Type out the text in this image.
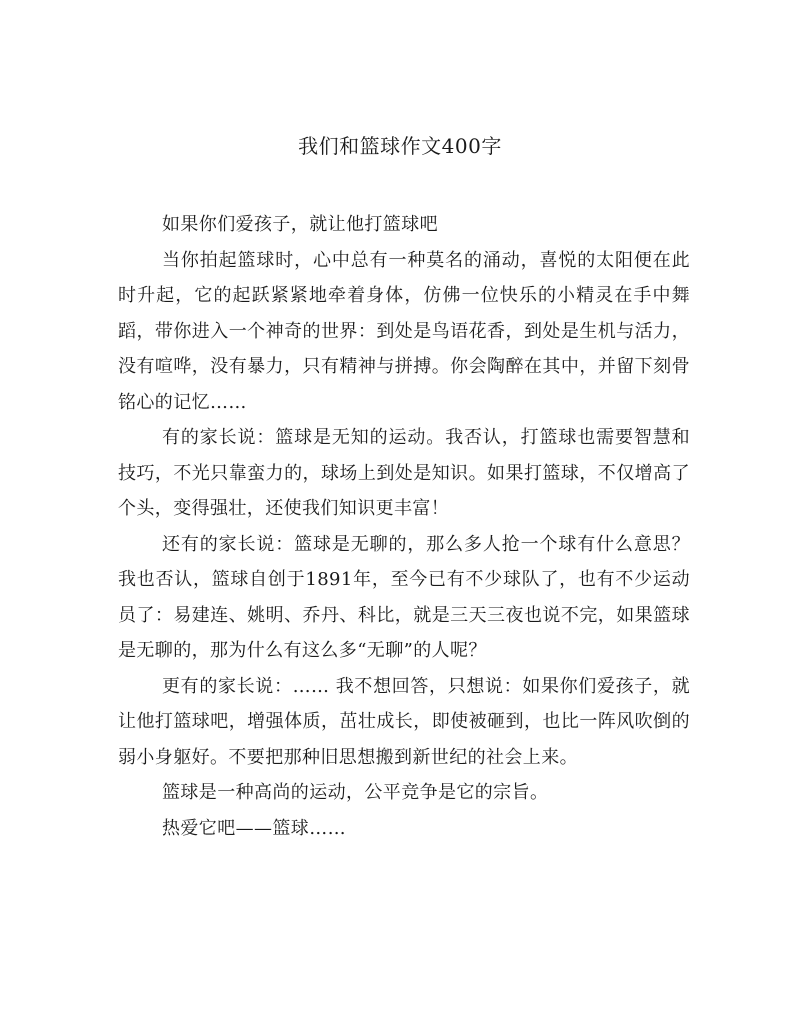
我们和篮球作文400字

如果你们爱孩子，就让他打篮球吧

当你拍起篮球时，心中总有一种莫名的涌动，喜悦的太阳便在此时升起，它的起跃紧紧地牵着身体，仿佛一位快乐的小精灵在手中舞蹈，带你进入一个神奇的世界：到处是鸟语花香，到处是生机与活力，没有喧哗，没有暴力，只有精神与拼搏。你会陶醉在其中，并留下刻骨铭心的记忆……

有的家长说：篮球是无知的运动。我否认，打篮球也需要智慧和技巧，不光只靠蛮力的，球场上到处是知识。如果打篮球，不仅增高了个头，变得强壮，还使我们知识更丰富！

还有的家长说：篮球是无聊的，那么多人抢一个球有什么意思？我也否认，篮球自创于1891年，至今已有不少球队了，也有不少运动员了：易建连、姚明、乔丹、科比，就是三天三夜也说不完，如果篮球是无聊的，那为什么有这么多“无聊”的人呢？

更有的家长说：…… 我不想回答，只想说：如果你们爱孩子，就让他打篮球吧，增强体质，茁壮成长，即使被砸到，也比一阵风吹倒的弱小身躯好。不要把那种旧思想搬到新世纪的社会上来。

篮球是一种高尚的运动，公平竞争是它的宗旨。

热爱它吧——篮球……
